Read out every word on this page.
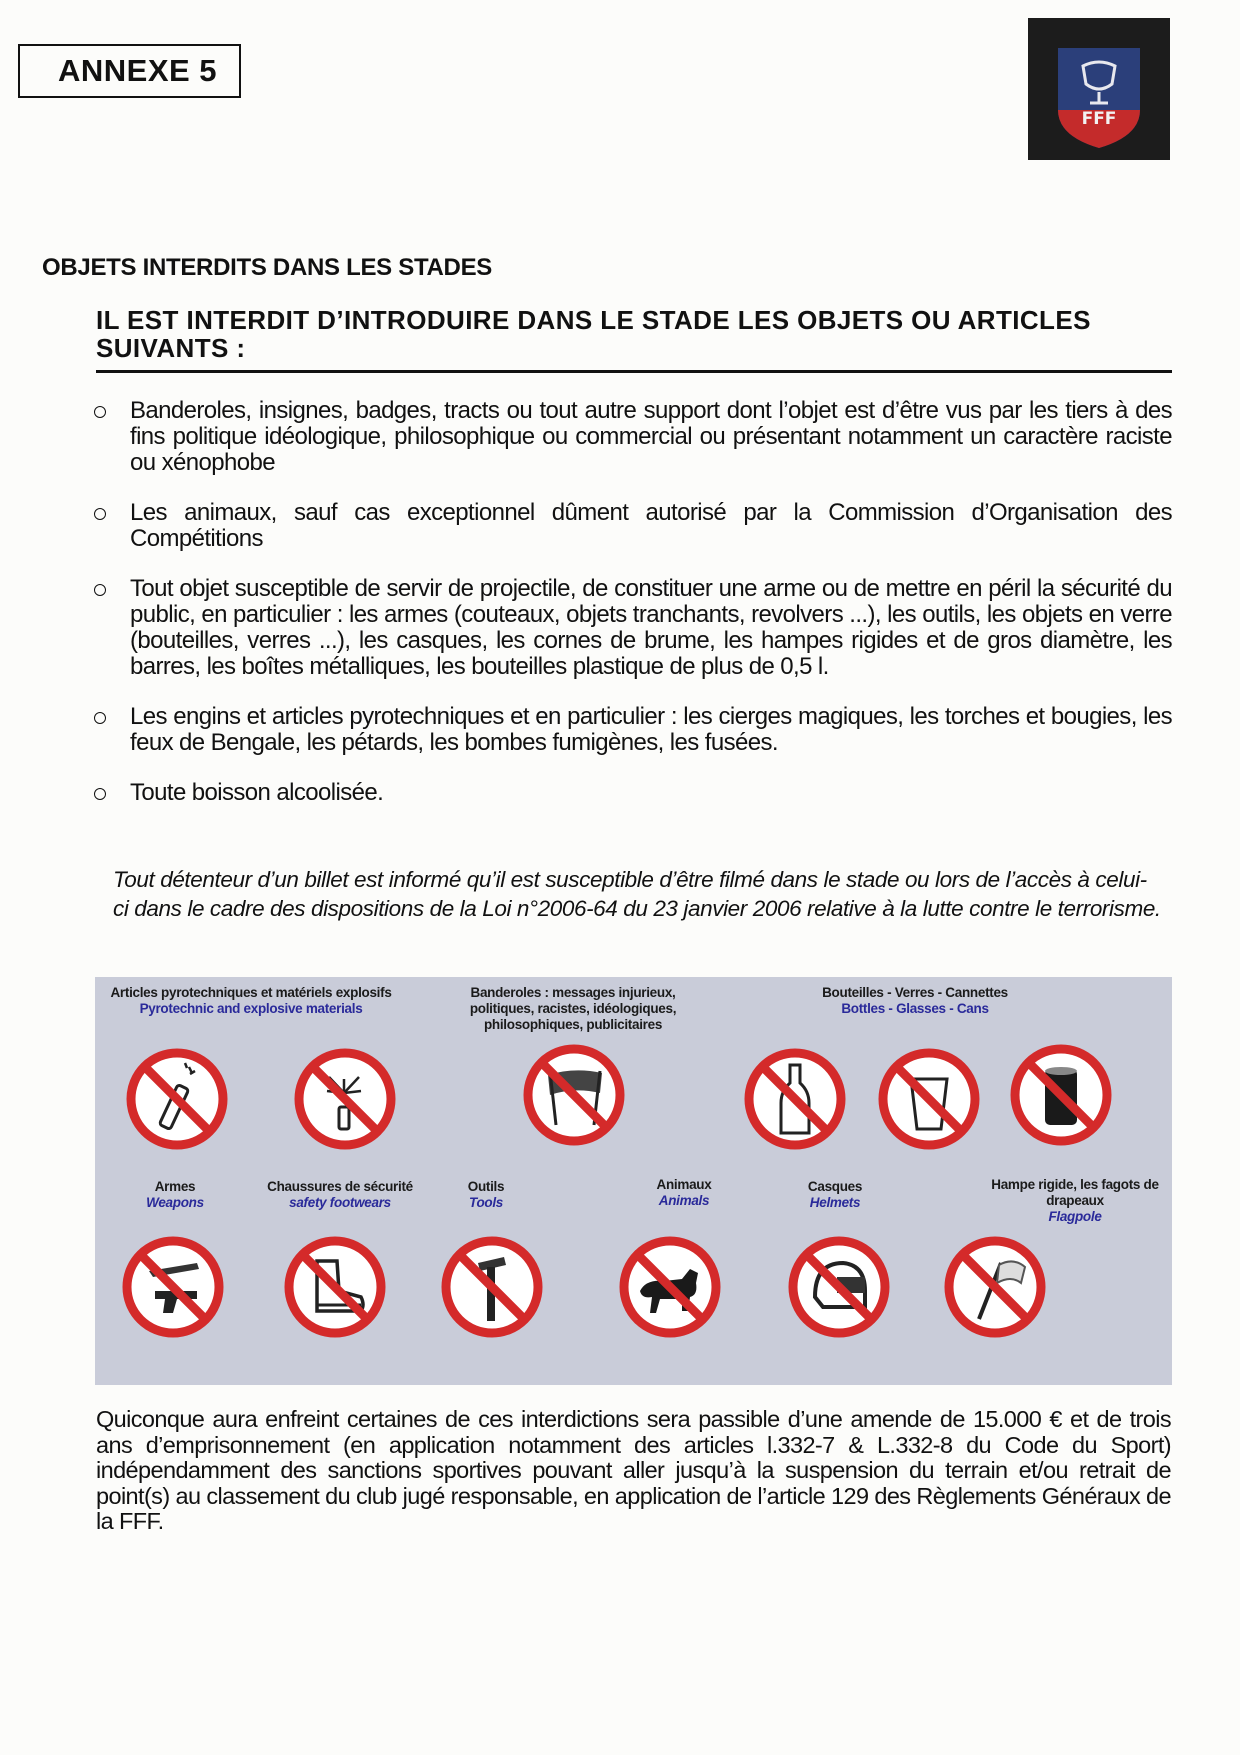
ANNEXE 5
FFF
OBJETS INTERDITS DANS LES STADES
IL EST INTERDIT D’INTRODUIRE DANS LE STADE LES OBJETS OU ARTICLES SUIVANTS :
Banderoles, insignes, badges, tracts ou tout autre support dont l’objet est d’être vus par les tiers à des fins politique idéologique, philosophique ou commercial ou présentant notamment un caractère raciste ou xénophobe
Les animaux, sauf cas exceptionnel dûment autorisé par la Commission d’Organisation des Compétitions
Tout objet susceptible de servir de projectile, de constituer une arme ou de mettre en péril la sécurité du public, en particulier : les armes (couteaux, objets tranchants, revolvers ...), les outils, les objets en verre (bouteilles, verres ...), les casques, les cornes de brume, les hampes rigides et de gros diamètre, les barres, les boîtes métalliques, les bouteilles plastique de plus de 0,5 l.
Les engins et articles pyrotechniques et en particulier : les cierges magiques, les torches et bougies, les feux de Bengale, les pétards, les bombes fumigènes, les fusées.
Toute boisson alcoolisée.
Tout détenteur d’un billet est informé qu’il est susceptible d’être filmé dans le stade ou lors de l’accès à celui-ci dans le cadre des dispositions de la Loi n°2006-64 du 23 janvier 2006 relative à la lutte contre le terrorisme.
Articles pyrotechniques et matériels explosifs
Pyrotechnic and explosive materials
Banderoles : messages injurieux, politiques, racistes, idéologiques, philosophiques, publicitaires
Bouteilles - Verres - Cannettes
Bottles - Glasses - Cans
Armes
Weapons
Chaussures de sécurité
safety footwears
Outils
Tools
Animaux
Animals
Casques
Helmets
Hampe rigide, les fagots de drapeaux
Flagpole
Quiconque aura enfreint certaines de ces interdictions sera passible d’une amende de 15.000 € et de trois ans d’emprisonnement (en application notamment des articles l.332-7 & L.332-8 du Code du Sport) indépendamment des sanctions sportives pouvant aller jusqu’à la suspension du terrain et/ou retrait de point(s) au classement du club jugé responsable, en application de l’article 129 des Règlements Généraux de la FFF.
